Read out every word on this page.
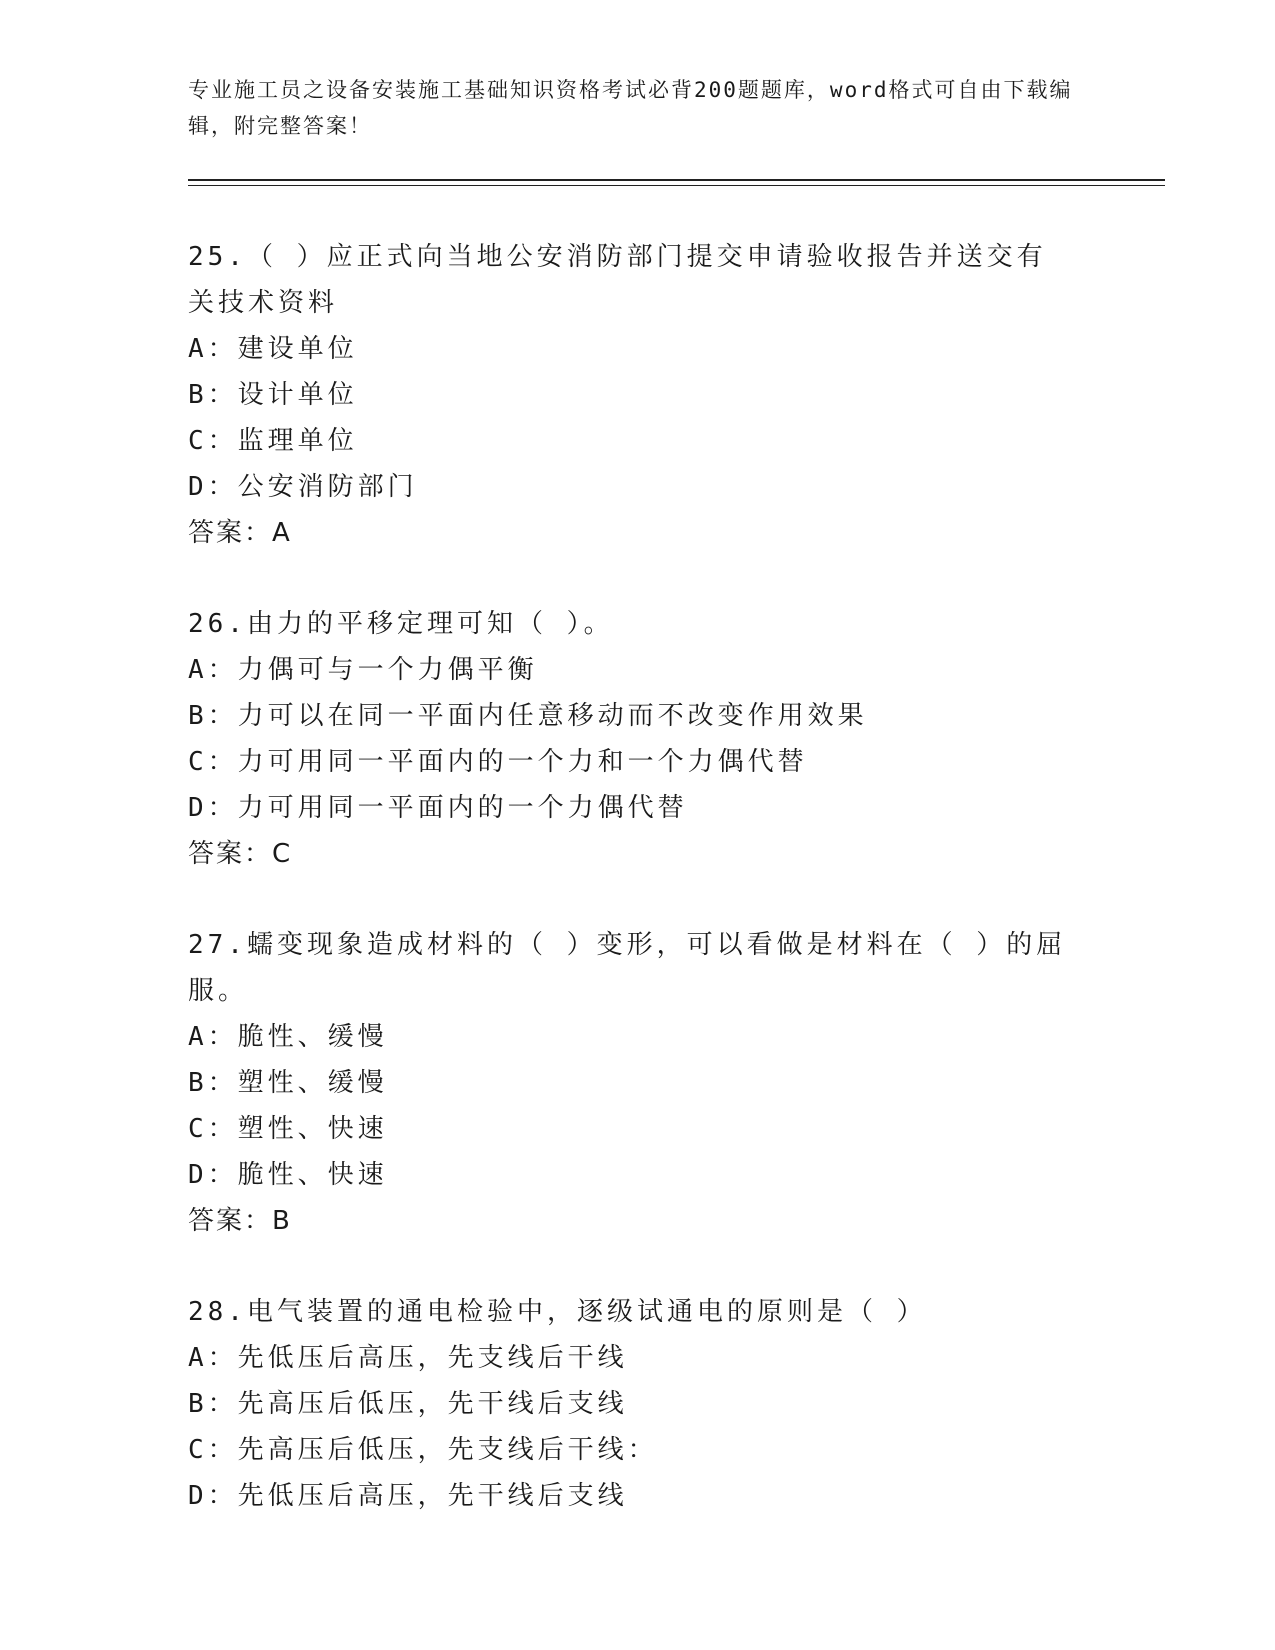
专业施工员之设备安装施工基础知识资格考试必背200题题库，word格式可自由下载编辑，附完整答案！
25.（ ）应正式向当地公安消防部门提交申请验收报告并送交有关技术资料
A：建设单位
B：设计单位
C：监理单位
D：公安消防部门
答案：A
26.由力的平移定理可知（ ）。
A：力偶可与一个力偶平衡
B：力可以在同一平面内任意移动而不改变作用效果
C：力可用同一平面内的一个力和一个力偶代替
D：力可用同一平面内的一个力偶代替
答案：C
27.蠕变现象造成材料的（ ）变形，可以看做是材料在（ ）的屈服。
A：脆性、缓慢
B：塑性、缓慢
C：塑性、快速
D：脆性、快速
答案：B
28.电气装置的通电检验中，逐级试通电的原则是（ ）
A：先低压后高压，先支线后干线
B：先高压后低压，先干线后支线
C：先高压后低压，先支线后干线：
D：先低压后高压，先干线后支线
